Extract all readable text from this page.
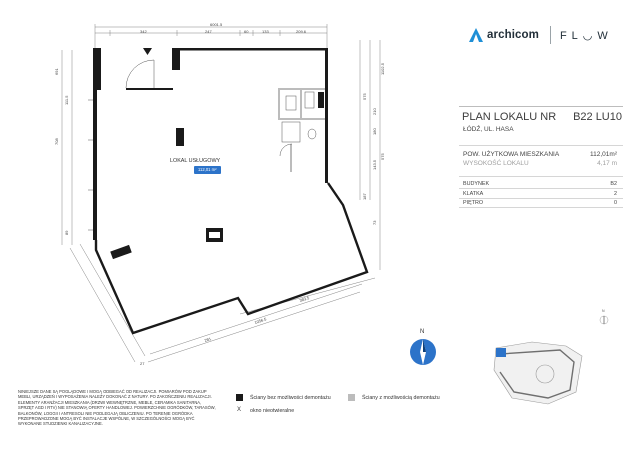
6001.5
342	247	60	133	209.6
691
111.5
708
89
1102.5
575
210
180
143.5
575
187
73
383.5
1056.5
281
27
N
N
LOKAL USŁUGOWY
112,01 m²
archicom FL◡W
PLAN LOKALU NR B22 LU10
ŁÓDŹ, UL. HASA
POW. UŻYTKOWA MIESZKANIA	112,01m²
WYSOKOŚĆ LOKALU	4,17 m
BUDYNEK	B2
KLATKA	2
PIĘTRO	0
NINIEJSZE DANE SĄ POGLĄDOWE I MOGĄ ODBIEGAĆ OD REALIZACJI. POMIARÓW POD ZAKUP MEBLI, URZĄDZEŃ I WYPOSAŻENIA NALEŻY DOKONAĆ Z NATURY. PO ZAKOŃCZENIU REALIZACJI. ELEMENTY ARANŻACJI MIESZKANIA (DRZWI WEWNĘTRZNE, MEBLE, CERAMIKA SANITARNA, SPRZĘT AGD I RTV) NIE STANOWIĄ OFERTY HANDLOWEJ. POWIERZCHNIE OGRÓDKÓW, TARASÓW, BALKONÓW, LOGGII I ANTRESOLI NIE PODLEGAJĄ OBLICZENIU. PO TERENIE OGRÓDKA PRZEPROWADZONE MOGĄ BYĆ INSTALACJE WSPÓLNE, W SZCZEGÓLNOŚCI MOGĄ BYĆ WYKONANE STUDZIENKI KANALIZACYJNE.
Ściany bez możliwości demontażu	Ściany z możliwością demontażu
X okno nieotwieralne
